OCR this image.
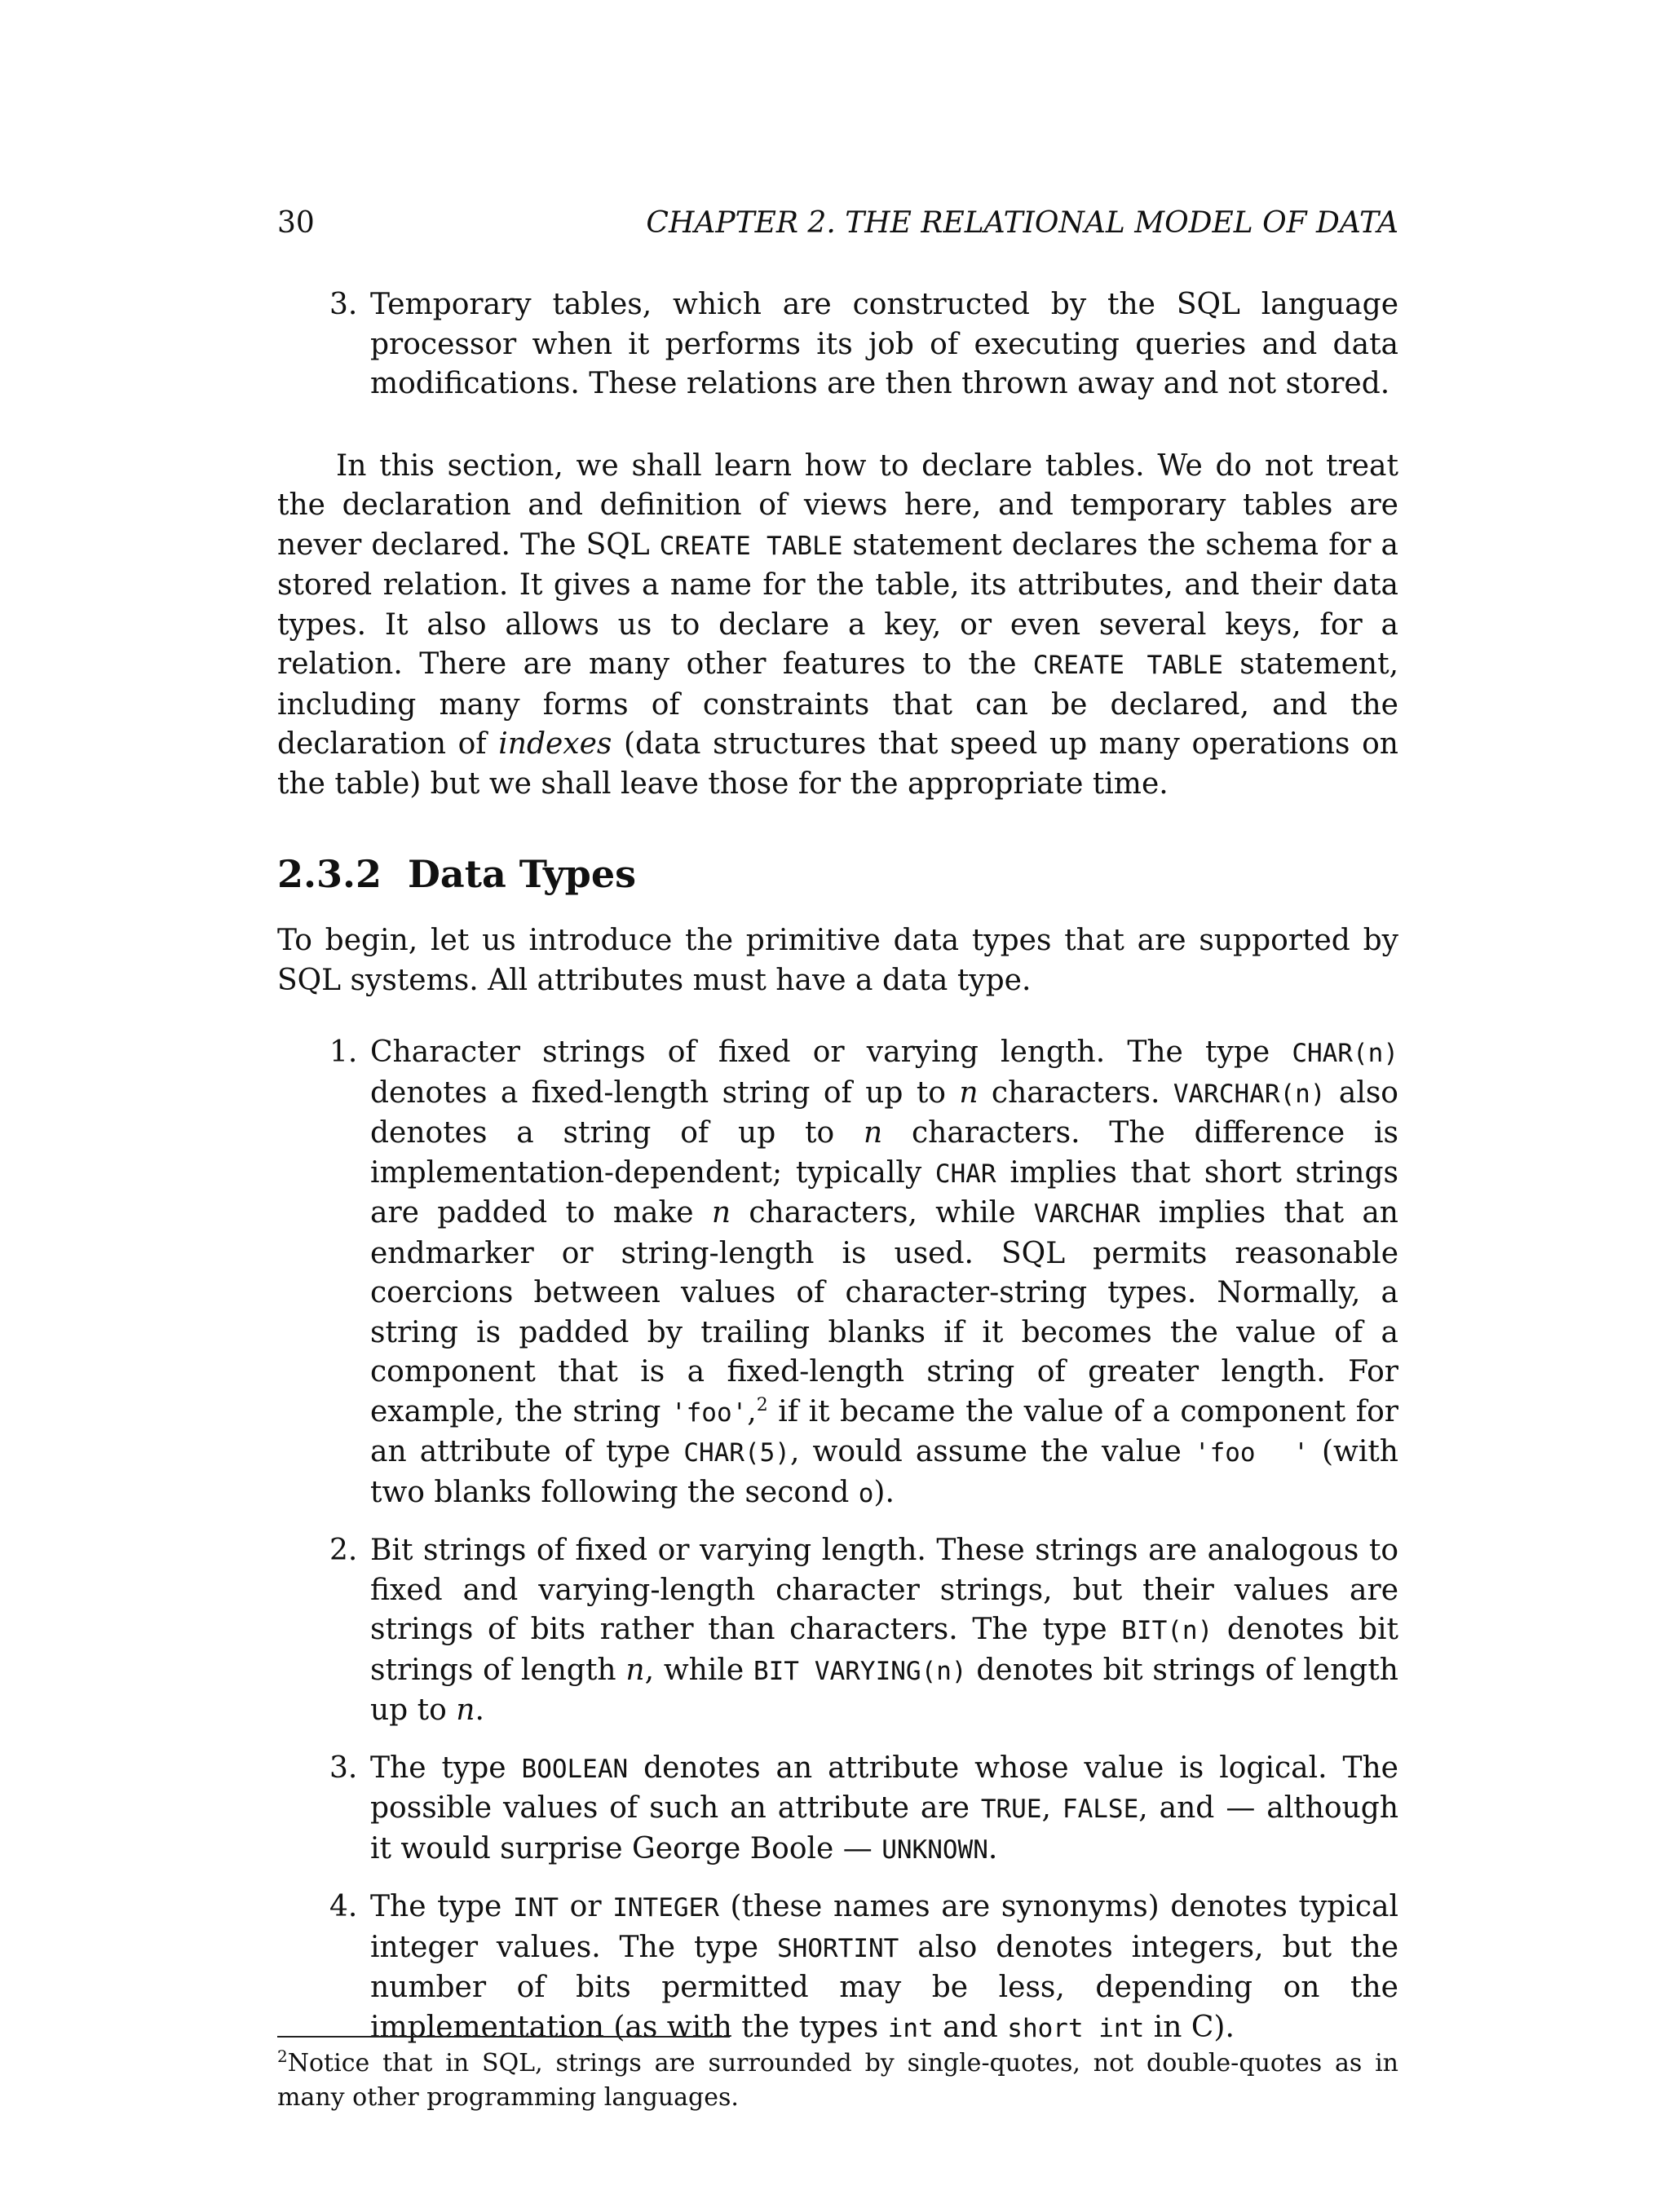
30	CHAPTER 2. THE RELATIONAL MODEL OF DATA
3. Temporary tables, which are constructed by the SQL language processor when it performs its job of executing queries and data modifications. These relations are then thrown away and not stored.

In this section, we shall learn how to declare tables. We do not treat the declaration and definition of views here, and temporary tables are never declared. The SQL CREATE TABLE statement declares the schema for a stored relation. It gives a name for the table, its attributes, and their data types. It also allows us to declare a key, or even several keys, for a relation. There are many other features to the CREATE TABLE statement, including many forms of constraints that can be declared, and the declaration of indexes (data structures that speed up many operations on the table) but we shall leave those for the appropriate time.

2.3.2 Data Types

To begin, let us introduce the primitive data types that are supported by SQL systems. All attributes must have a data type.

1. Character strings of fixed or varying length. The type CHAR(n) denotes a fixed-length string of up to n characters. VARCHAR(n) also denotes a string of up to n characters. The difference is implementation-dependent; typically CHAR implies that short strings are padded to make n characters, while VARCHAR implies that an endmarker or string-length is used. SQL permits reasonable coercions between values of character-string types. Normally, a string is padded by trailing blanks if it becomes the value of a component that is a fixed-length string of greater length. For example, the string 'foo',$^2$ if it became the value of a component for an attribute of type CHAR(5), would assume the value 'foo  ' (with two blanks following the second o).
2. Bit strings of fixed or varying length. These strings are analogous to fixed and varying-length character strings, but their values are strings of bits rather than characters. The type BIT(n) denotes bit strings of length n, while BIT VARYING(n) denotes bit strings of length up to n.
3. The type BOOLEAN denotes an attribute whose value is logical. The possible values of such an attribute are TRUE, FALSE, and — although it would surprise George Boole — UNKNOWN.
4. The type INT or INTEGER (these names are synonyms) denotes typical integer values. The type SHORTINT also denotes integers, but the number of bits permitted may be less, depending on the implementation (as with the types int and short int in C).

$^2$Notice that in SQL, strings are surrounded by single-quotes, not double-quotes as in many other programming languages.
